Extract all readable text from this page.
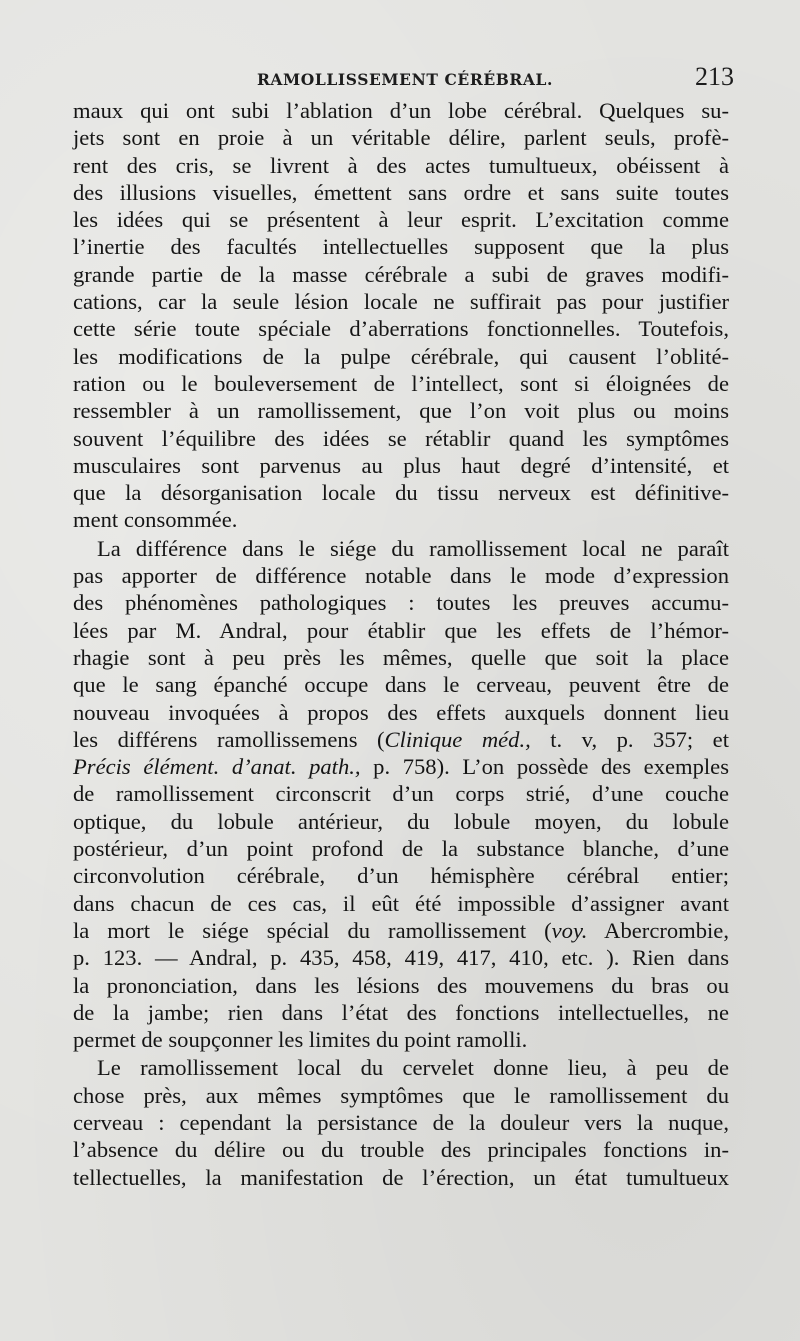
RAMOLLISSEMENT CÉRÉBRAL.	213
maux qui ont subi l’ablation d’un lobe cérébral. Quelques su-
jets sont en proie à un véritable délire, parlent seuls, profè-
rent des cris, se livrent à des actes tumultueux, obéissent à
des illusions visuelles, émettent sans ordre et sans suite toutes
les idées qui se présentent à leur esprit. L’excitation comme
l’inertie des facultés intellectuelles supposent que la plus
grande partie de la masse cérébrale a subi de graves modifi-
cations, car la seule lésion locale ne suffirait pas pour justifier
cette série toute spéciale d’aberrations fonctionnelles. Toutefois,
les modifications de la pulpe cérébrale, qui causent l’oblité-
ration ou le bouleversement de l’intellect, sont si éloignées de
ressembler à un ramollissement, que l’on voit plus ou moins
souvent l’équilibre des idées se rétablir quand les symptômes
musculaires sont parvenus au plus haut degré d’intensité, et
que la désorganisation locale du tissu nerveux est définitive-
ment consommée.
La différence dans le siége du ramollissement local ne paraît
pas apporter de différence notable dans le mode d’expression
des phénomènes pathologiques : toutes les preuves accumu-
lées par M. Andral, pour établir que les effets de l’hémor-
rhagie sont à peu près les mêmes, quelle que soit la place
que le sang épanché occupe dans le cerveau, peuvent être de
nouveau invoquées à propos des effets auxquels donnent lieu
les différens ramollissemens (Clinique méd., t. v, p. 357; et
Précis élément. d’anat. path., p. 758). L’on possède des exemples
de ramollissement circonscrit d’un corps strié, d’une couche
optique, du lobule antérieur, du lobule moyen, du lobule
postérieur, d’un point profond de la substance blanche, d’une
circonvolution cérébrale, d’un hémisphère cérébral entier;
dans chacun de ces cas, il eût été impossible d’assigner avant
la mort le siége spécial du ramollissement (voy. Abercrombie,
p. 123. — Andral, p. 435, 458, 419, 417, 410, etc. ). Rien dans
la prononciation, dans les lésions des mouvemens du bras ou
de la jambe; rien dans l’état des fonctions intellectuelles, ne
permet de soupçonner les limites du point ramolli.
Le ramollissement local du cervelet donne lieu, à peu de
chose près, aux mêmes symptômes que le ramollissement du
cerveau : cependant la persistance de la douleur vers la nuque,
l’absence du délire ou du trouble des principales fonctions in-
tellectuelles, la manifestation de l’érection, un état tumultueux
